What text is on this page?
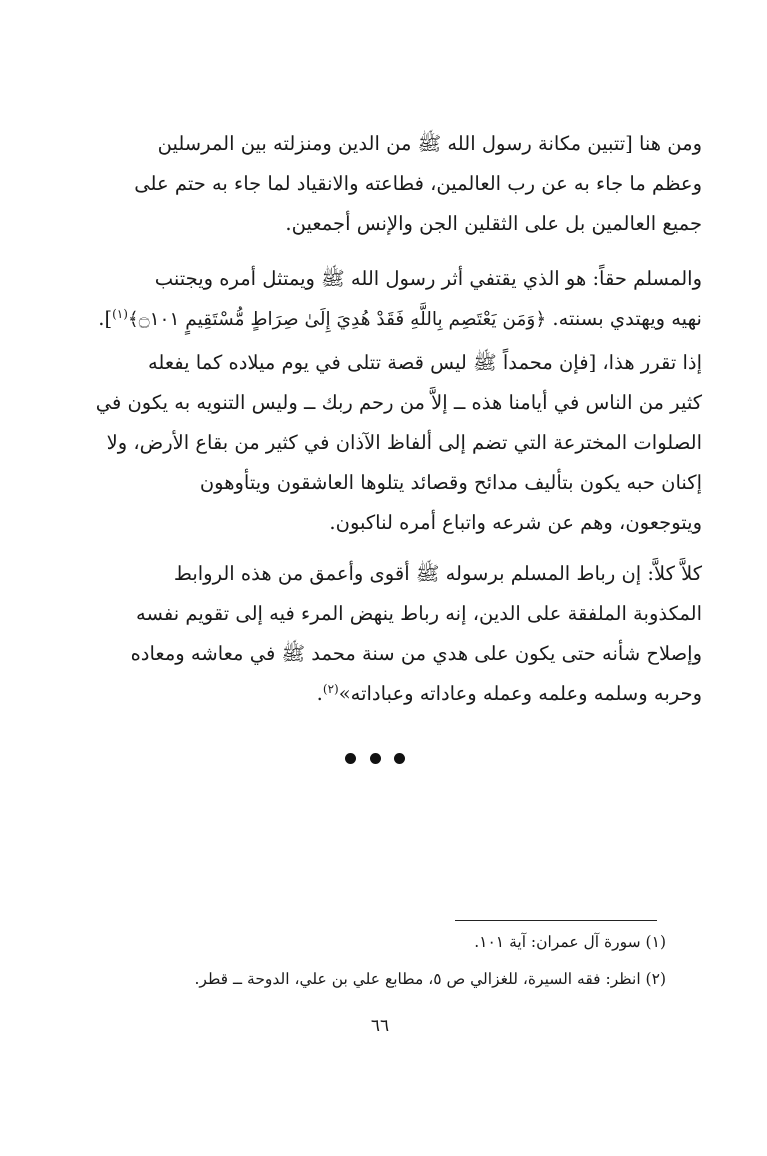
ومن هنا [تتبين مكانة رسول الله ﷺ من الدين ومنزلته بين المرسلين
وعظم ما جاء به عن رب العالمين، فطاعته والانقياد لما جاء به حتم على
جميع العالمين بل على الثقلين الجن والإنس أجمعين.
والمسلم حقاً: هو الذي يقتفي أثر رسول الله ﷺ ويمتثل أمره ويجتنب
نهيه ويهتدي بسنته. ﴿وَمَن يَعْتَصِم بِاللَّهِ فَقَدْ هُدِيَ إِلَىٰ صِرَاطٍ مُّسْتَقِيمٍ ۝١٠١﴾$^{(١)}$].
إذا تقرر هذا، [فإن محمداً ﷺ ليس قصة تتلى في يوم ميلاده كما يفعله
كثير من الناس في أيامنا هذه ــ إلاَّ من رحم ربك ــ وليس التنويه به يكون في
الصلوات المخترعة التي تضم إلى ألفاظ الآذان في كثير من بقاع الأرض، ولا
إكنان حبه يكون بتأليف مدائح وقصائد يتلوها العاشقون ويتأوهون
ويتوجعون، وهم عن شرعه واتباع أمره لناكبون.
كلاَّ كلاَّ: إن رباط المسلم برسوله ﷺ أقوى وأعمق من هذه الروابط
المكذوبة الملفقة على الدين، إنه رباط ينهض المرء فيه إلى تقويم نفسه
وإصلاح شأنه حتى يكون على هدي من سنة محمد ﷺ في معاشه ومعاده
وحربه وسلمه وعلمه وعمله وعاداته وعباداته»$^{(٢)}$.
(١) سورة آل عمران: آية ١٠١.
(٢) انظر: فقه السيرة، للغزالي ص ٥، مطابع علي بن علي، الدوحة ــ قطر.
٦٦
